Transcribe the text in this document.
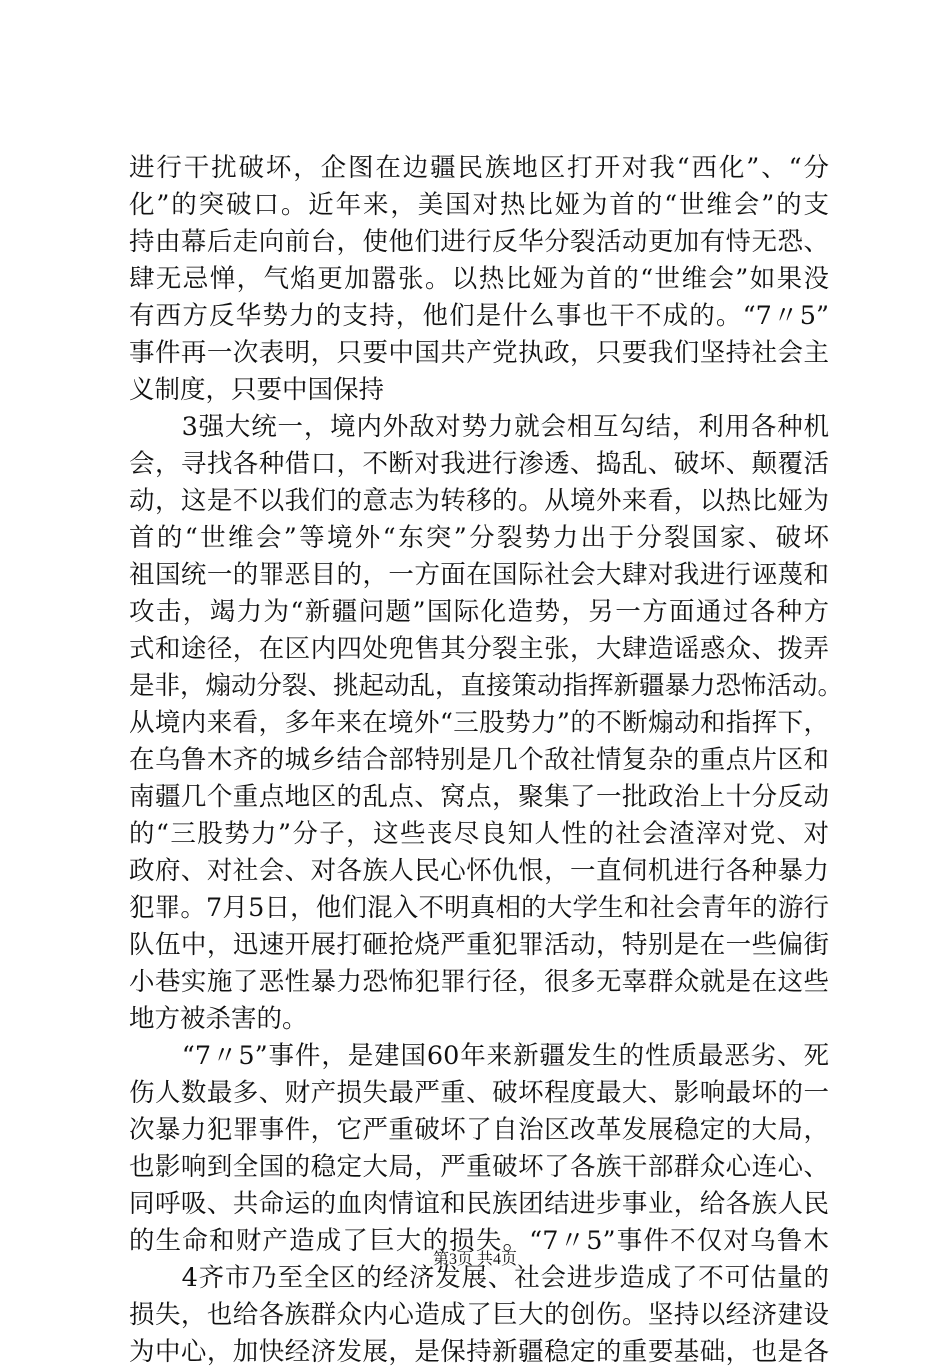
进行干扰破坏，企图在边疆民族地区打开对我“西化”、“分
化”的突破口。近年来，美国对热比娅为首的“世维会”的支
持由幕后走向前台，使他们进行反华分裂活动更加有恃无恐、
肆无忌惮，气焰更加嚣张。以热比娅为首的“世维会”如果没
有西方反华势力的支持，他们是什么事也干不成的。“7〃5”
事件再一次表明，只要中国共产党执政，只要我们坚持社会主
义制度，只要中国保持
　　3强大统一，境内外敌对势力就会相互勾结，利用各种机
会，寻找各种借口，不断对我进行渗透、捣乱、破坏、颠覆活
动，这是不以我们的意志为转移的。从境外来看，以热比娅为
首的“世维会”等境外“东突”分裂势力出于分裂国家、破坏
祖国统一的罪恶目的，一方面在国际社会大肆对我进行诬蔑和
攻击，竭力为“新疆问题”国际化造势，另一方面通过各种方
式和途径，在区内四处兜售其分裂主张，大肆造谣惑众、拨弄
是非，煽动分裂、挑起动乱，直接策动指挥新疆暴力恐怖活动。
从境内来看，多年来在境外“三股势力”的不断煽动和指挥下，
在乌鲁木齐的城乡结合部特别是几个敌社情复杂的重点片区和
南疆几个重点地区的乱点、窝点，聚集了一批政治上十分反动
的“三股势力”分子，这些丧尽良知人性的社会渣滓对党、对
政府、对社会、对各族人民心怀仇恨，一直伺机进行各种暴力
犯罪。7月5日，他们混入不明真相的大学生和社会青年的游行
队伍中，迅速开展打砸抢烧严重犯罪活动，特别是在一些偏街
小巷实施了恶性暴力恐怖犯罪行径，很多无辜群众就是在这些
地方被杀害的。
　　“7〃5”事件，是建国60年来新疆发生的性质最恶劣、死
伤人数最多、财产损失最严重、破坏程度最大、影响最坏的一
次暴力犯罪事件，它严重破坏了自治区改革发展稳定的大局，
也影响到全国的稳定大局，严重破坏了各族干部群众心连心、
同呼吸、共命运的血肉情谊和民族团结进步事业，给各族人民
的生命和财产造成了巨大的损失。“7〃5”事件不仅对乌鲁木
　　4齐市乃至全区的经济发展、社会进步造成了不可估量的
损失，也给各族群众内心造成了巨大的创伤。坚持以经济建设
为中心，加快经济发展，是保持新疆稳定的重要基础，也是各
第3页 共4页
